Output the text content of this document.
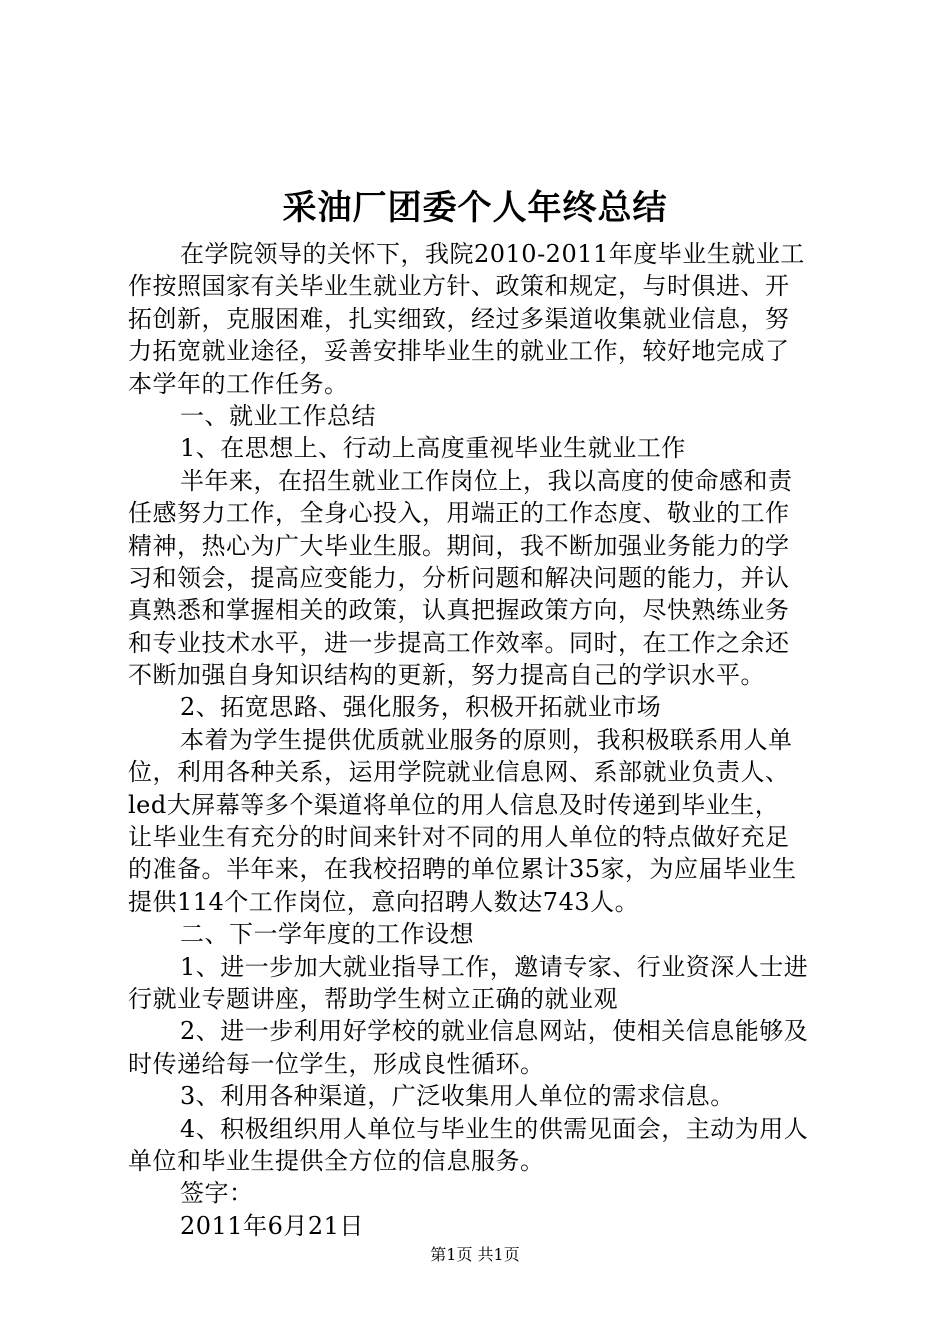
采油厂团委个人年终总结
在学院领导的关怀下，我院2010-2011年度毕业生就业工
作按照国家有关毕业生就业方针、政策和规定，与时俱进、开
拓创新，克服困难，扎实细致，经过多渠道收集就业信息，努
力拓宽就业途径，妥善安排毕业生的就业工作，较好地完成了
本学年的工作任务。
一、就业工作总结
1、在思想上、行动上高度重视毕业生就业工作
半年来，在招生就业工作岗位上，我以高度的使命感和责
任感努力工作，全身心投入，用端正的工作态度、敬业的工作
精神，热心为广大毕业生服。期间，我不断加强业务能力的学
习和领会，提高应变能力，分析问题和解决问题的能力，并认
真熟悉和掌握相关的政策，认真把握政策方向，尽快熟练业务
和专业技术水平，进一步提高工作效率。同时，在工作之余还
不断加强自身知识结构的更新，努力提高自己的学识水平。
2、拓宽思路、强化服务，积极开拓就业市场
本着为学生提供优质就业服务的原则，我积极联系用人单
位，利用各种关系，运用学院就业信息网、系部就业负责人、
led大屏幕等多个渠道将单位的用人信息及时传递到毕业生，
让毕业生有充分的时间来针对不同的用人单位的特点做好充足
的准备。半年来，在我校招聘的单位累计35家，为应届毕业生
提供114个工作岗位，意向招聘人数达743人。
二、下一学年度的工作设想
1、进一步加大就业指导工作，邀请专家、行业资深人士进
行就业专题讲座，帮助学生树立正确的就业观
2、进一步利用好学校的就业信息网站，使相关信息能够及
时传递给每一位学生，形成良性循环。
3、利用各种渠道，广泛收集用人单位的需求信息。
4、积极组织用人单位与毕业生的供需见面会，主动为用人
单位和毕业生提供全方位的信息服务。
签字：
2011年6月21日
第1页 共1页
